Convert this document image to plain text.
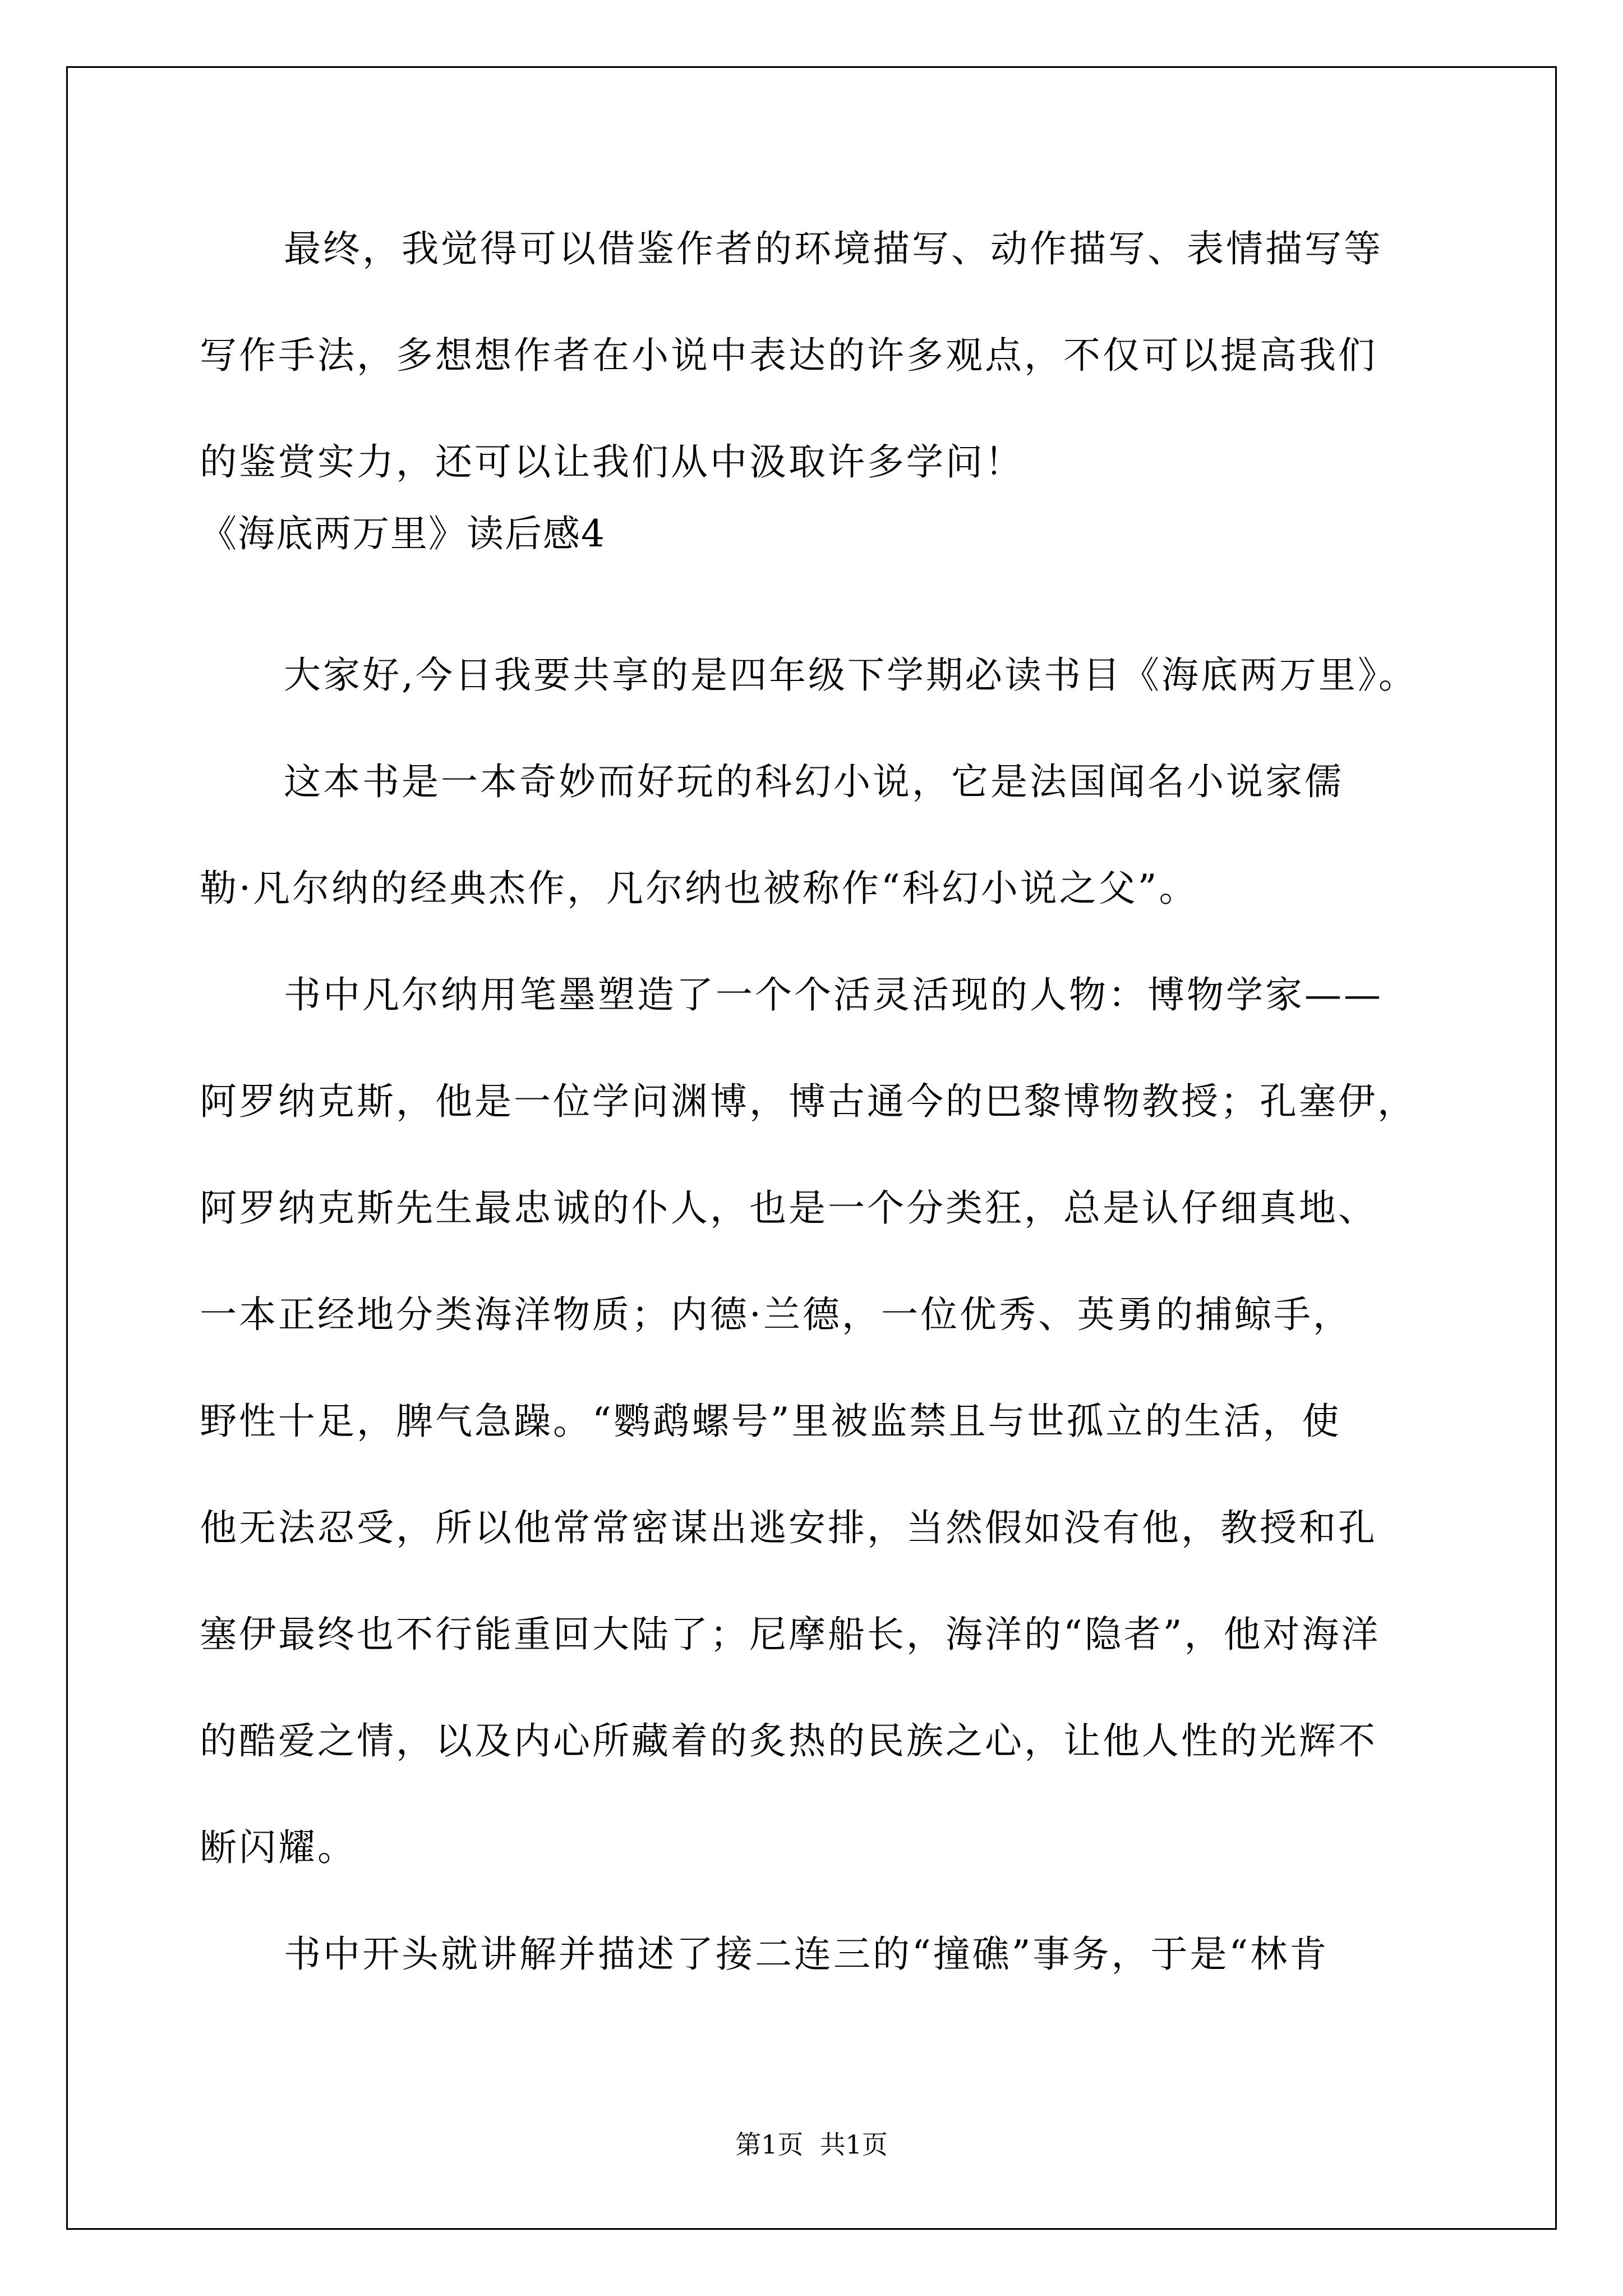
最终，我觉得可以借鉴作者的环境描写、动作描写、表情描写等
写作手法，多想想作者在小说中表达的许多观点，不仅可以提高我们
的鉴赏实力，还可以让我们从中汲取许多学问！
《海底两万里》读后感4
大家好,今日我要共享的是四年级下学期必读书目《海底两万里》。
这本书是一本奇妙而好玩的科幻小说，它是法国闻名小说家儒
勒·凡尔纳的经典杰作，凡尔纳也被称作“科幻小说之父”。
书中凡尔纳用笔墨塑造了一个个活灵活现的人物：博物学家——
阿罗纳克斯，他是一位学问渊博，博古通今的巴黎博物教授；孔塞伊，
阿罗纳克斯先生最忠诚的仆人，也是一个分类狂，总是认仔细真地、
一本正经地分类海洋物质；内德·兰德，一位优秀、英勇的捕鲸手，
野性十足，脾气急躁。“鹦鹉螺号”里被监禁且与世孤立的生活，使
他无法忍受，所以他常常密谋出逃安排，当然假如没有他，教授和孔
塞伊最终也不行能重回大陆了；尼摩船长，海洋的“隐者”，他对海洋
的酷爱之情，以及内心所藏着的炙热的民族之心，让他人性的光辉不
断闪耀。
书中开头就讲解并描述了接二连三的“撞礁”事务，于是“林肯
第1页  共1页
